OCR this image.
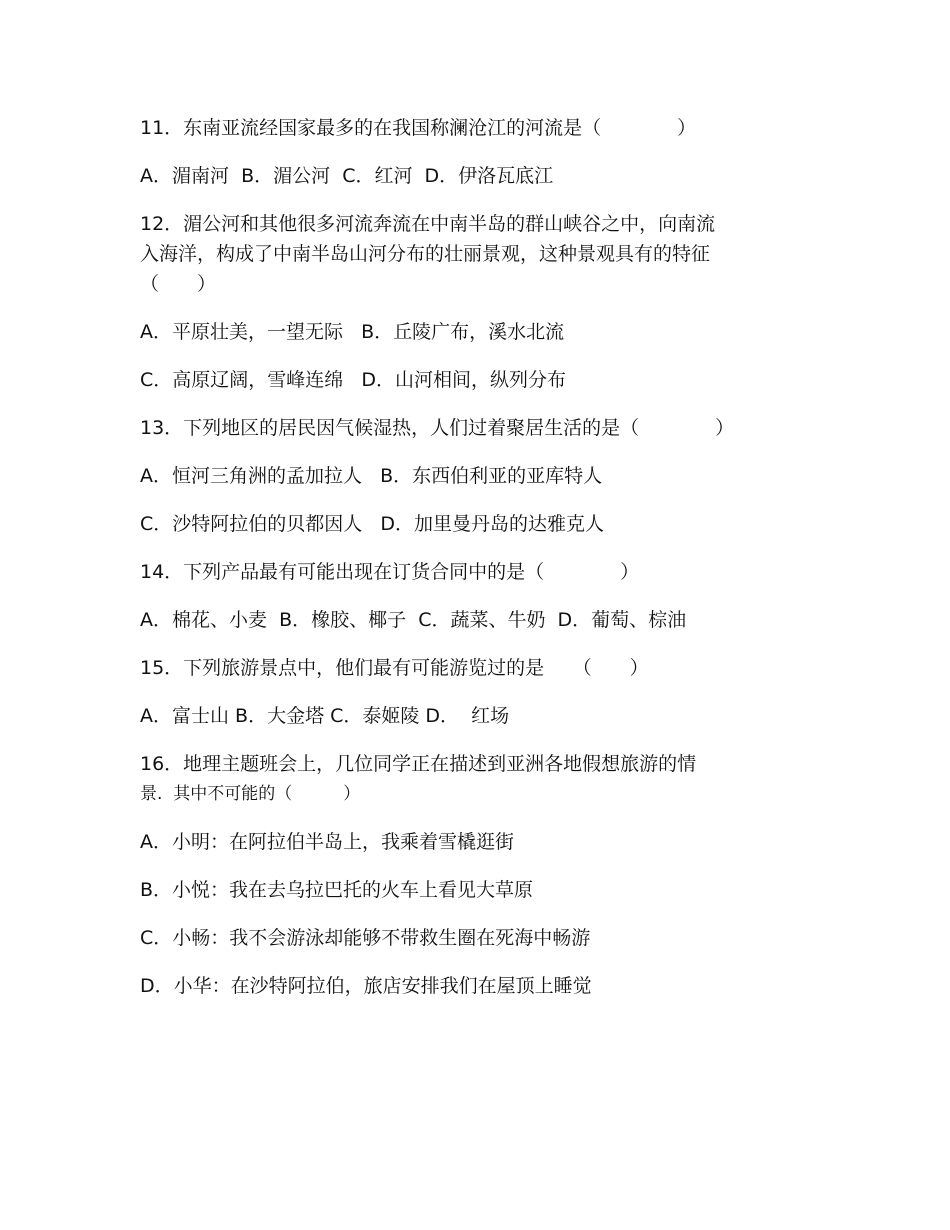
11．东南亚流经国家最多的在我国称澜沧江的河流是（　　　　）

A．湄南河  B．湄公河  C．红河  D．伊洛瓦底江

12．湄公河和其他很多河流奔流在中南半岛的群山峡谷之中，向南流

入海洋，构成了中南半岛山河分布的壮丽景观，这种景观具有的特征

（　　）

A．平原壮美，一望无际   B．丘陵广布，溪水北流

C．高原辽阔，雪峰连绵   D．山河相间，纵列分布

13．下列地区的居民因气候湿热，人们过着聚居生活的是（　　　　）

A．恒河三角洲的孟加拉人   B．东西伯利亚的亚库特人

C．沙特阿拉伯的贝都因人   D．加里曼丹岛的达雅克人

14．下列产品最有可能出现在订货合同中的是（　　　　）

A．棉花、小麦  B．橡胶、椰子  C．蔬菜、牛奶  D．葡萄、棕油

15．下列旅游景点中，他们最有可能游览过的是　　（　　）

A．富士山 B．大金塔 C．泰姬陵 D．  红场

16．地理主题班会上，几位同学正在描述到亚洲各地假想旅游的情

景.  其中不可能的（　　　）

A．小明：在阿拉伯半岛上，我乘着雪橇逛街

B．小悦：我在去乌拉巴托的火车上看见大草原

C．小畅：我不会游泳却能够不带救生圈在死海中畅游

D．小华：在沙特阿拉伯，旅店安排我们在屋顶上睡觉
